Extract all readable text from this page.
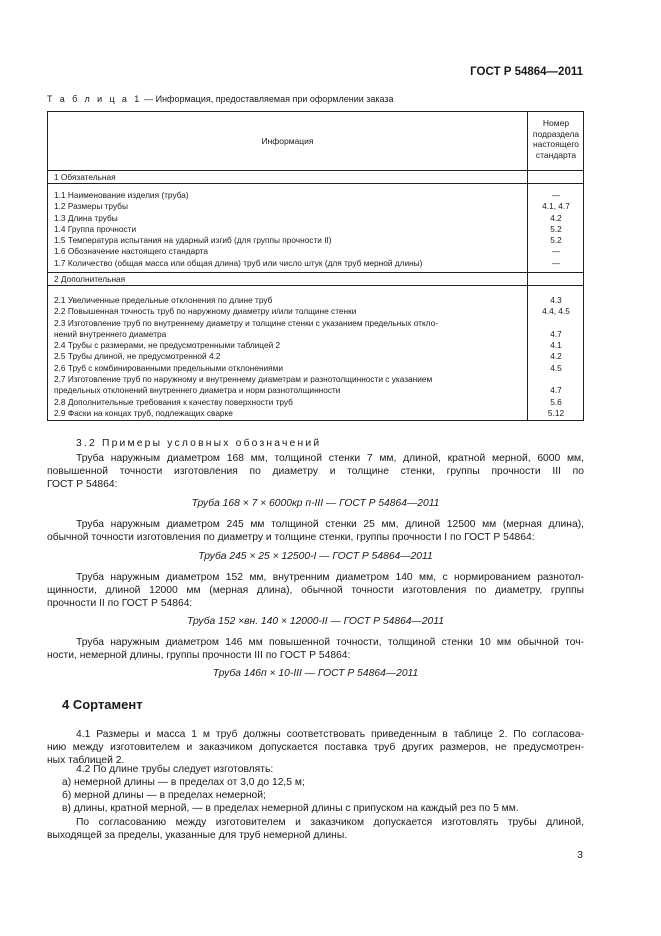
ГОСТ Р 54864—2011
Т а б л и ц а 1 — Информация, предоставляемая при оформлении заказа
Информация
Номер
подраздела
настоящего
стандарта
1 Обязательная
1.1 Наименование изделия (труба)
1.2 Размеры трубы
1.3 Длина трубы
1.4 Группа прочности
1.5 Температура испытания на ударный изгиб (для группы прочности II)
1.6 Обозначение настоящего стандарта
1.7 Количество (общая масса или общая длина) труб или число штук (для труб мерной длины)
—
4.1, 4.7
4.2
5.2
5.2
—
—
2 Дополнительная
2.1 Увеличенные предельные отклонения по длине труб
2.2 Повышенная точность труб по наружному диаметру и/или толщине стенки
2.3 Изготовление труб по внутреннему диаметру и толщине стенки с указанием предельных откло-
нений внутреннего диаметра
2.4 Трубы с размерами, не предусмотренными таблицей 2
2.5 Трубы длиной, не предусмотренной 4.2
2.6 Труб с комбинированными предельными отклонениями
2.7 Изготовление труб по наружному и внутреннему диаметрам и разнотолщинности с указанием
предельных отклонений внутреннего диаметра и норм разнотолщинности
2.8 Дополнительные требования к качеству поверхности труб
2.9 Фаски на концах труб, подлежащих сварке
4.3
4.4, 4.5
4.7
4.1
4.2
4.5
4.7
5.6
5.12
3.2 Примеры условных обозначений
Труба наружным диаметром 168 мм, толщиной стенки 7 мм, длиной, кратной мерной, 6000 мм,
повышенной точности изготовления по диаметру и толщине стенки, группы прочности III по
ГОСТ Р 54864:
Труба 168 × 7 × 6000кр п-III — ГОСТ Р 54864—2011
Труба наружным диаметром 245 мм толщиной стенки 25 мм, длиной 12500 мм (мерная длина),
обычной точности изготовления по диаметру и толщине стенки, группы прочности I по ГОСТ Р 54864:
Труба 245 × 25 × 12500-I — ГОСТ Р 54864—2011
Труба наружным диаметром 152 мм, внутренним диаметром 140 мм, с нормированием разнотол-
щинности, длиной 12000 мм (мерная длина), обычной точности изготовления по диаметру, группы
прочности II по ГОСТ Р 54864:
Труба 152 ×вн. 140 × 12000-II — ГОСТ Р 54864—2011
Труба наружным диаметром 146 мм повышенной точности, толщиной стенки 10 мм обычной точ-
ности, немерной длины, группы прочности III по ГОСТ Р 54864:
Труба 146п × 10-III — ГОСТ Р 54864—2011
4 Сортамент
4.1 Размеры и масса 1 м труб должны соответствовать приведенным в таблице 2. По согласова-
нию между изготовителем и заказчиком допускается поставка труб других размеров, не предусмотрен-
ных таблицей 2.
4.2 По длине трубы следует изготовлять:
а) немерной длины — в пределах от 3,0 до 12,5 м;
б) мерной длины — в пределах немерной;
в) длины, кратной мерной, — в пределах немерной длины с припуском на каждый рез по 5 мм.
По согласованию между изготовителем и заказчиком допускается изготовлять трубы длиной,
выходящей за пределы, указанные для труб немерной длины.
3
